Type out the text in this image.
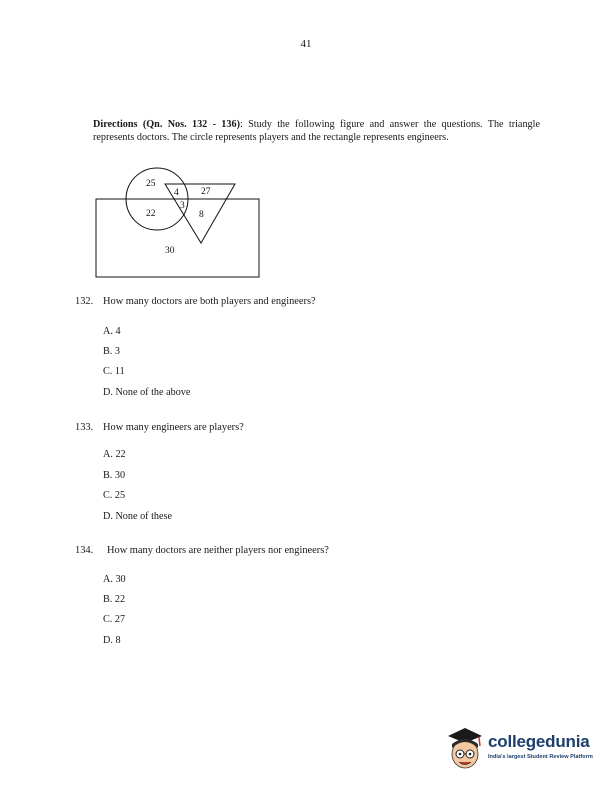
41
Directions (Qn. Nos. 132 - 136): Study the following figure and answer the questions. The triangle represents doctors. The circle represents players and the rectangle represents engineers.
25
4 27
3
22	8
30
132. How many doctors are both players and engineers?
A. 4
B. 3
C. 11
D. None of the above
133. How many engineers are players?
A. 22
B. 30
C. 25
D. None of these
134. How many doctors are neither players nor engineers?
A. 30
B. 22
C. 27
D. 8
collegedunia
India's largest Student Review Platform
